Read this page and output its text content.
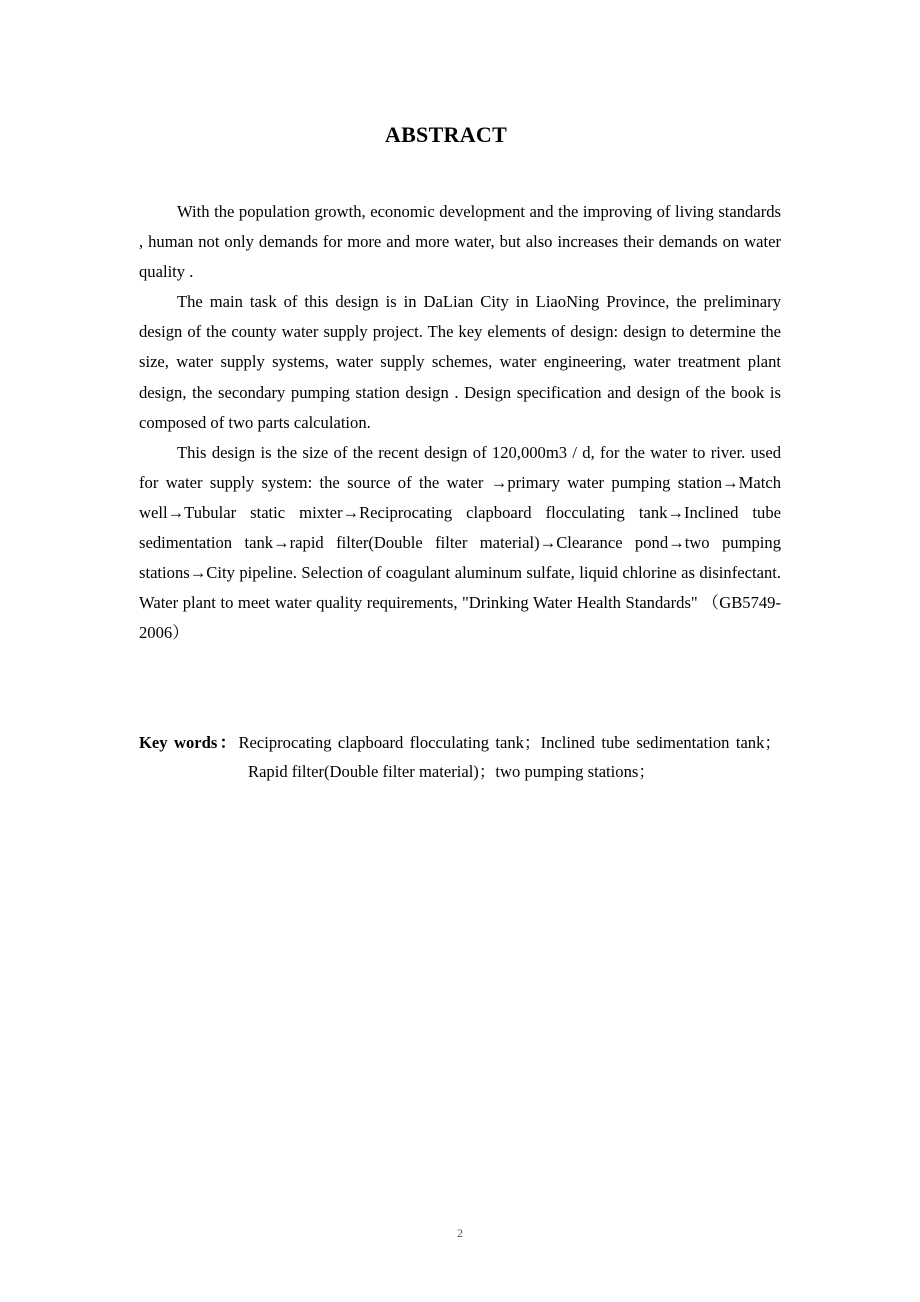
ABSTRACT

With the population growth, economic development and the improving of living standards , human not only demands for more and more water, but also increases their demands on water quality .

The main task of this design is in DaLian City in LiaoNing Province, the preliminary design of the county water supply project. The key elements of design: design to determine the size, water supply systems, water supply schemes, water engineering, water treatment plant design, the secondary pumping station design . Design specification and design of the book is composed of two parts calculation.

This design is the size of the recent design of 120,000m3 / d, for the water to river. used for water supply system: the source of the water →primary water pumping station→Match well→Tubular static mixter→Reciprocating clapboard flocculating tank→Inclined tube sedimentation tank→rapid filter(Double filter material)→Clearance pond→two pumping stations→City pipeline. Selection of coagulant aluminum sulfate, liquid chlorine as disinfectant. Water plant to meet water quality requirements, "Drinking Water Health Standards" （GB5749-2006）

Key words：Reciprocating clapboard flocculating tank；Inclined tube sedimentation tank；Rapid filter(Double filter material)；two pumping stations；

2
